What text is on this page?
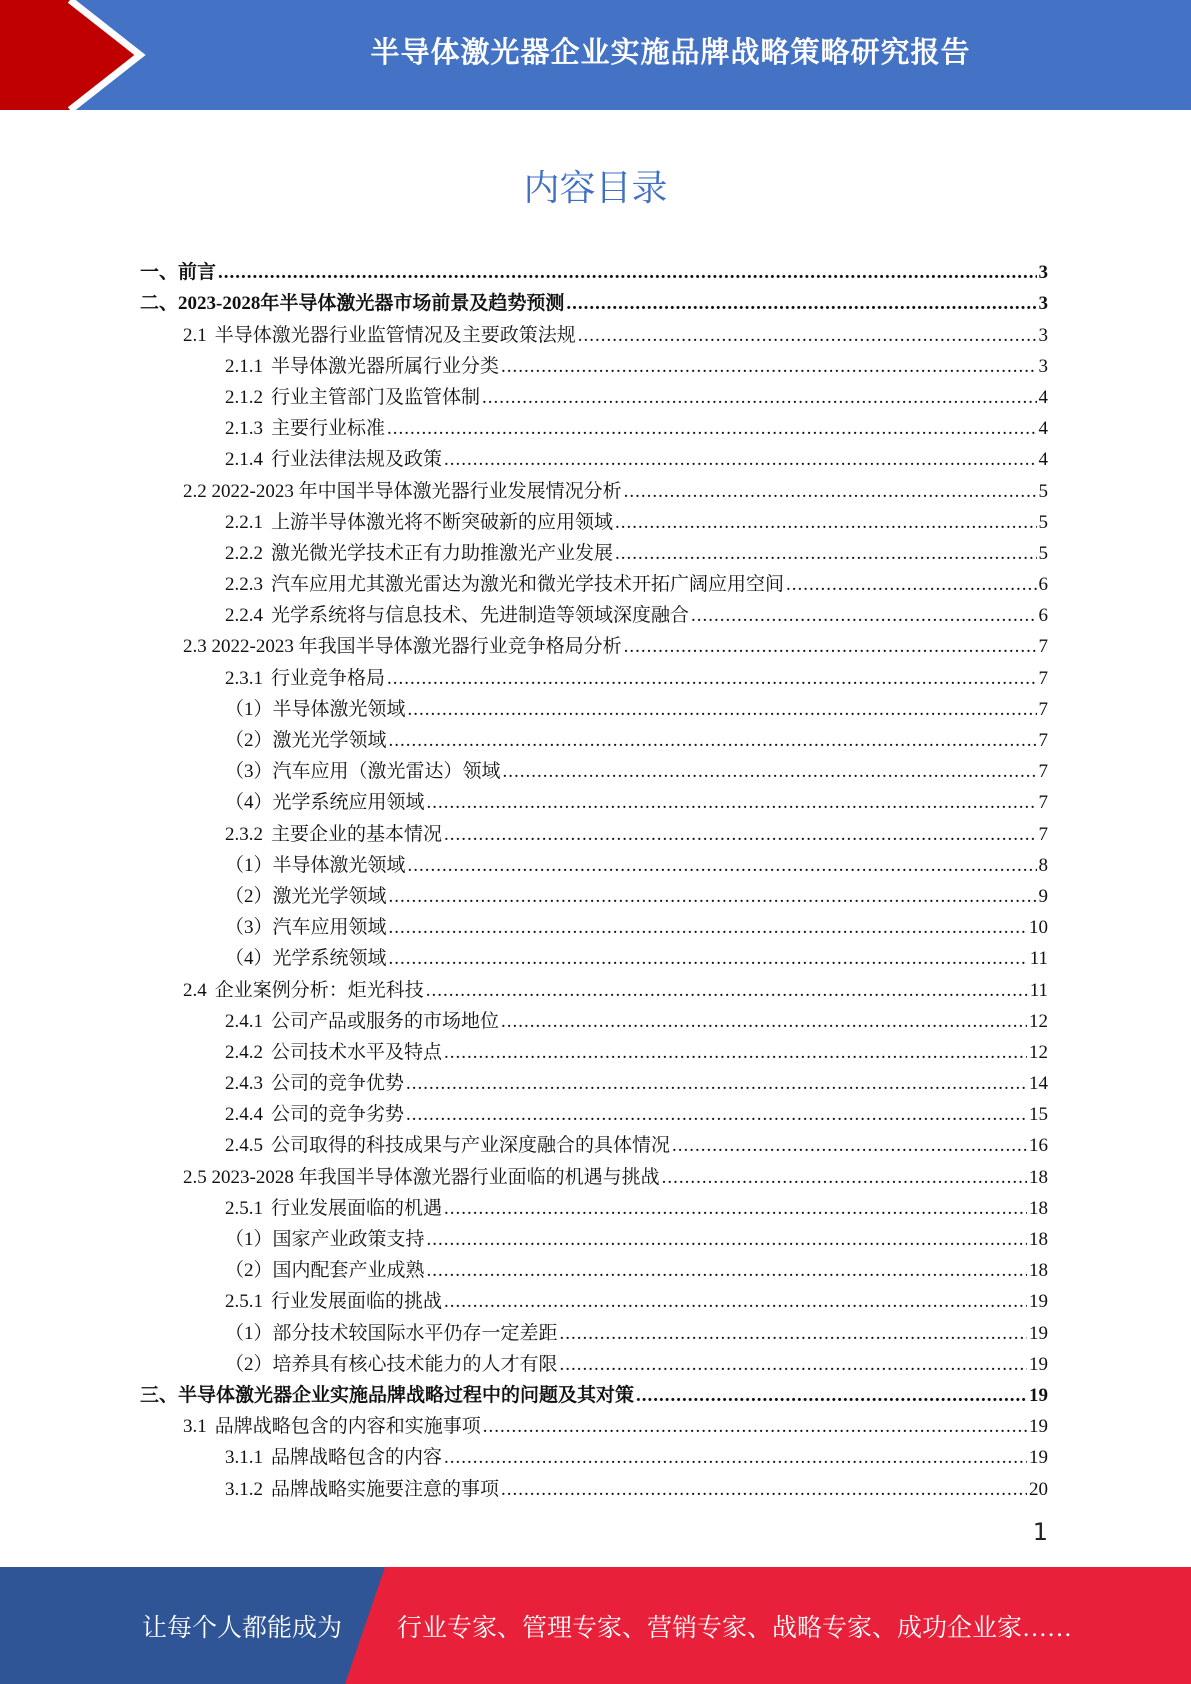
半导体激光器企业实施品牌战略策略研究报告
内容目录
一、前言 .....	3
二、2023-2028年半导体激光器市场前景及趋势预测 .....	3
2.1 半导体激光器行业监管情况及主要政策法规 .....	3
2.1.1 半导体激光器所属行业分类 .....	3
2.1.2 行业主管部门及监管体制 .....	4
2.1.3 主要行业标准 .....	4
2.1.4 行业法律法规及政策 .....	4
2.2 2022-2023 年中国半导体激光器行业发展情况分析 .....	5
2.2.1 上游半导体激光将不断突破新的应用领域 .....	5
2.2.2 激光微光学技术正有力助推激光产业发展 .....	5
2.2.3 汽车应用尤其激光雷达为激光和微光学技术开拓广阔应用空间 .....	6
2.2.4 光学系统将与信息技术、先进制造等领域深度融合 .....	6
2.3 2022-2023 年我国半导体激光器行业竞争格局分析 .....	7
2.3.1 行业竞争格局 .....	7
（1）半导体激光领域 .....	7
（2）激光光学领域 .....	7
（3）汽车应用（激光雷达）领域 .....	7
（4）光学系统应用领域 .....	7
2.3.2 主要企业的基本情况 .....	7
（1）半导体激光领域 .....	8
（2）激光光学领域 .....	9
（3）汽车应用领域 .....	10
（4）光学系统领域 .....	11
2.4 企业案例分析：炬光科技 .....	11
2.4.1 公司产品或服务的市场地位 .....	12
2.4.2 公司技术水平及特点 .....	12
2.4.3 公司的竞争优势 .....	14
2.4.4 公司的竞争劣势 .....	15
2.4.5 公司取得的科技成果与产业深度融合的具体情况 .....	16
2.5 2023-2028 年我国半导体激光器行业面临的机遇与挑战 .....	18
2.5.1 行业发展面临的机遇 .....	18
（1）国家产业政策支持 .....	18
（2）国内配套产业成熟 .....	18
2.5.1 行业发展面临的挑战 .....	19
（1）部分技术较国际水平仍存一定差距 .....	19
（2）培养具有核心技术能力的人才有限 .....	19
三、半导体激光器企业实施品牌战略过程中的问题及其对策 .....	19
3.1 品牌战略包含的内容和实施事项 .....	19
3.1.1 品牌战略包含的内容 .....	19
3.1.2 品牌战略实施要注意的事项 .....	20
1
让每个人都能成为 行业专家、管理专家、营销专家、战略专家、成功企业家……
